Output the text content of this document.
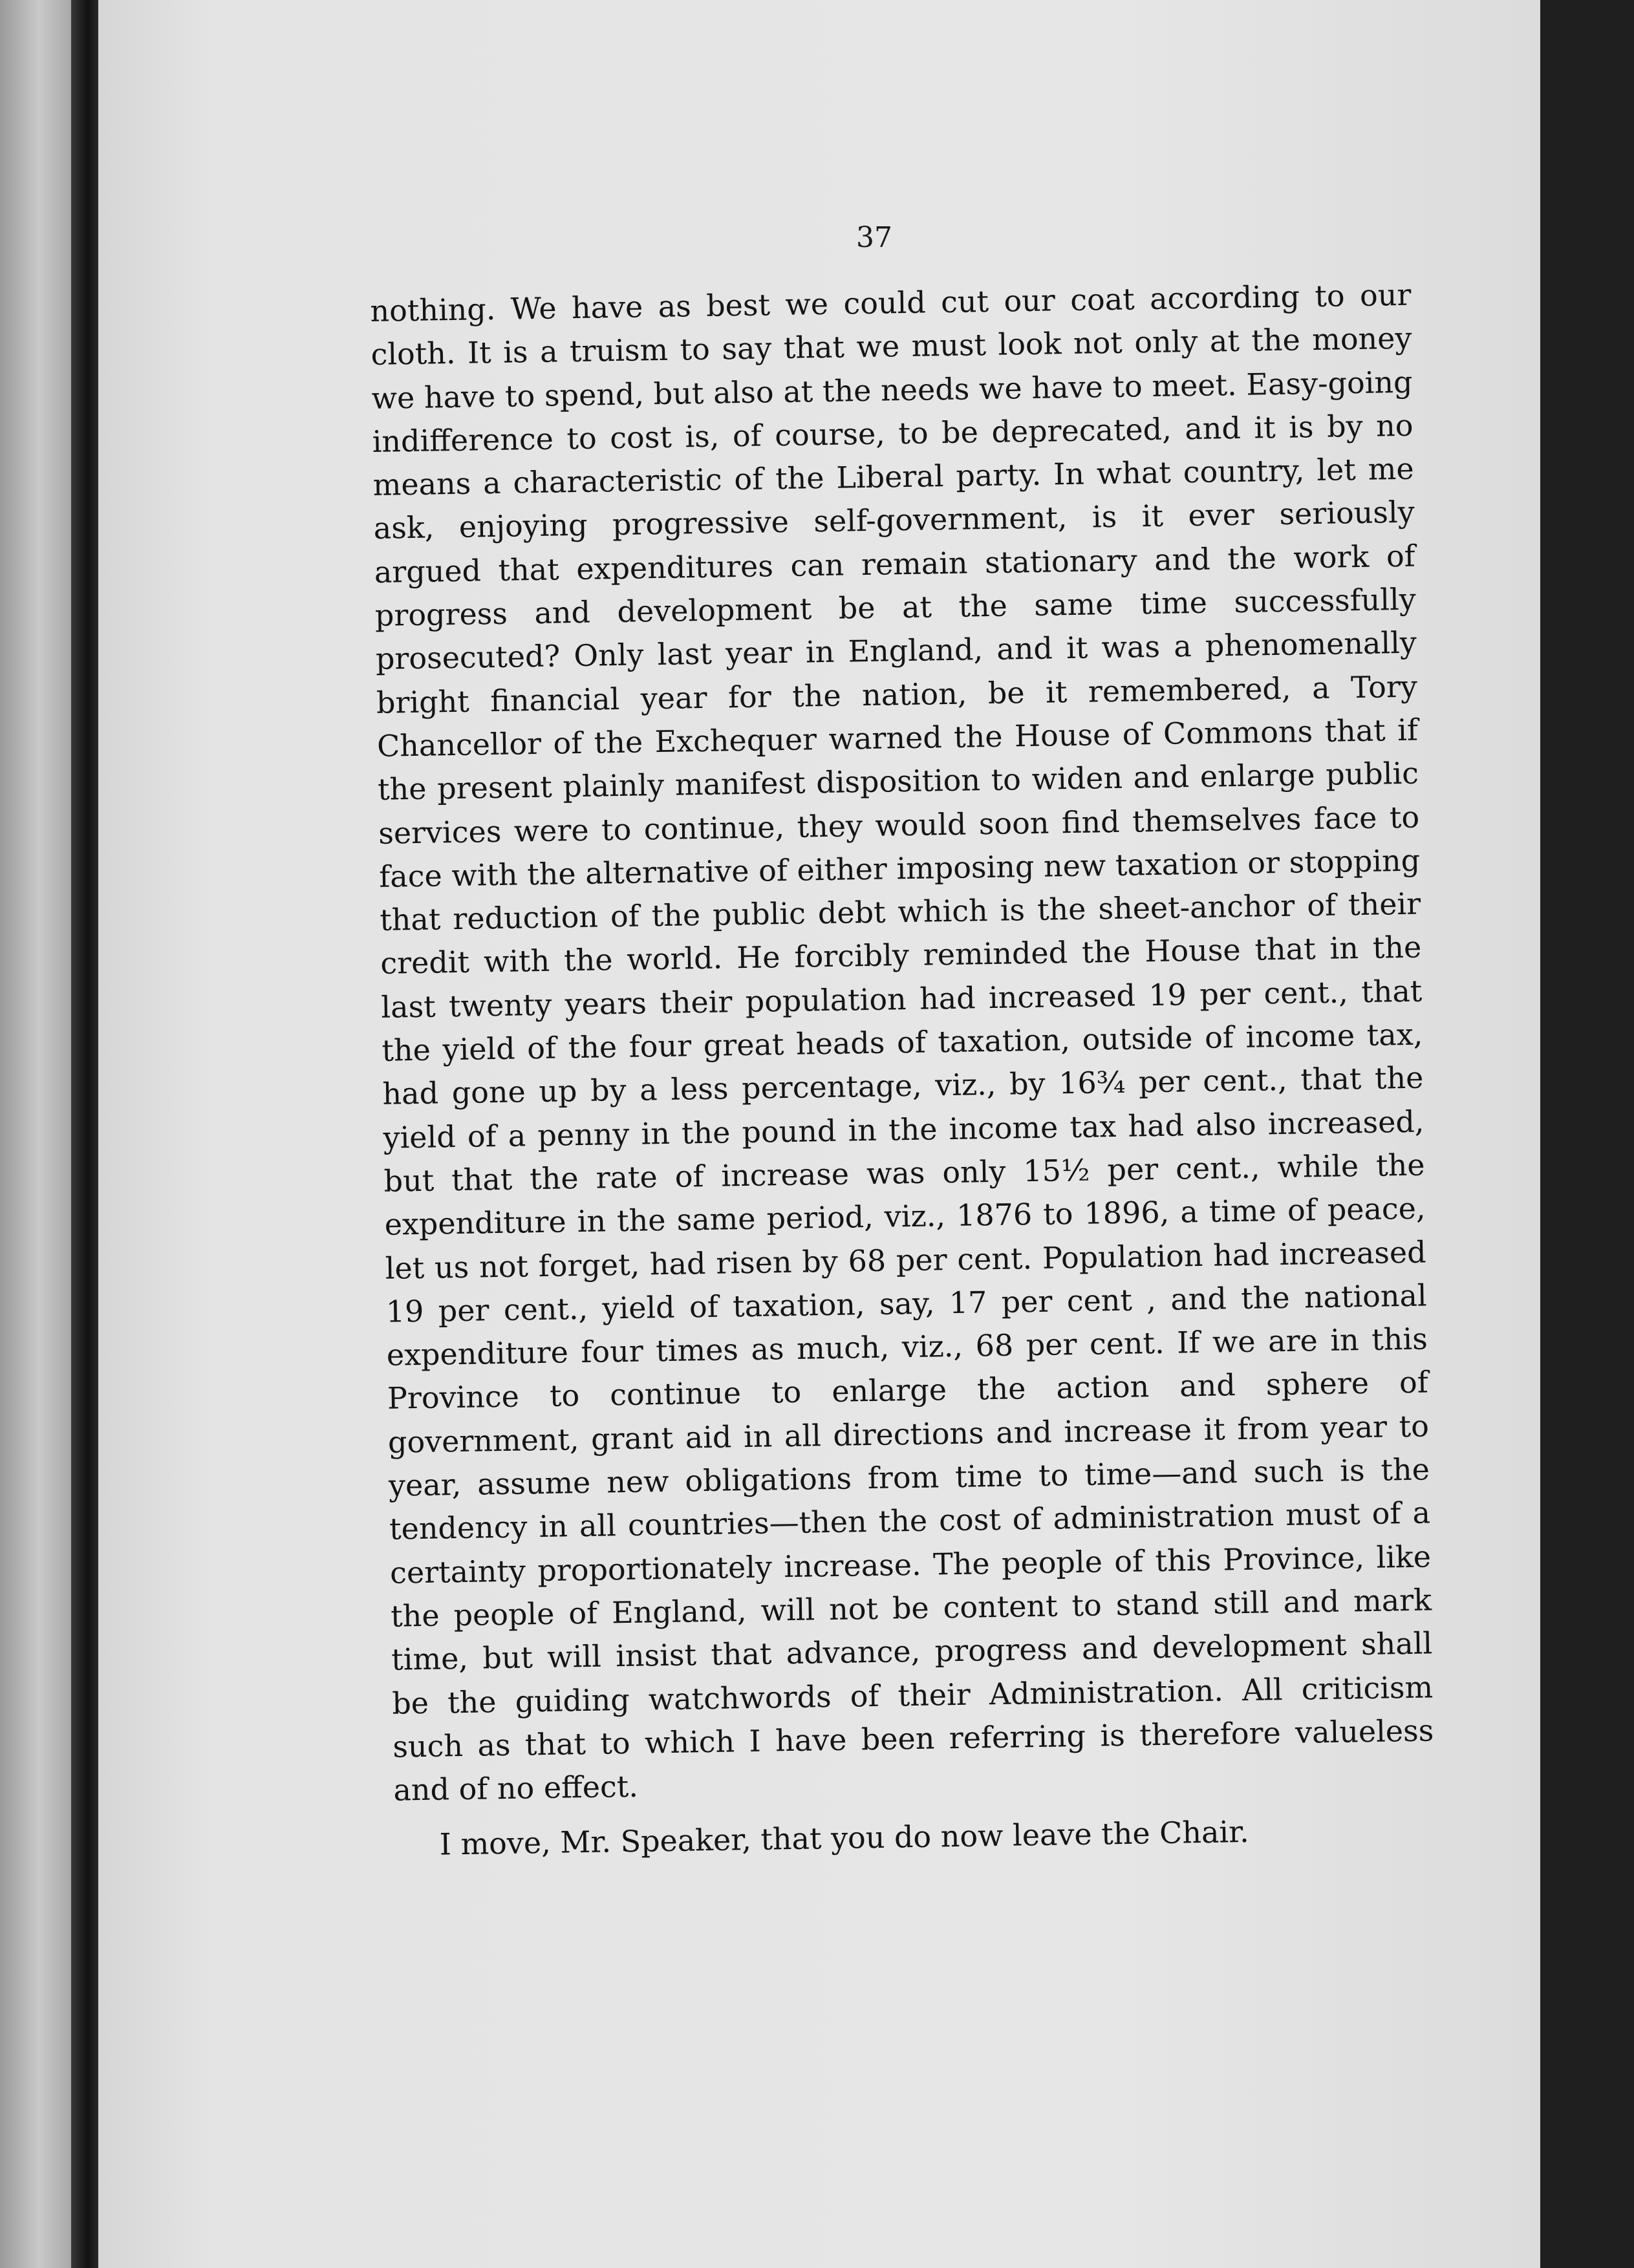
37

nothing. We have as best we could cut our coat according to our cloth. It is a truism to say that we must look not only at the money we have to spend, but also at the needs we have to meet. Easy-going indifference to cost is, of course, to be deprecated, and it is by no means a characteristic of the Liberal party. In what country, let me ask, enjoying progressive self-government, is it ever seriously argued that expenditures can remain stationary and the work of progress and development be at the same time successfully prosecuted? Only last year in England, and it was a phenomenally bright financial year for the nation, be it remembered, a Tory Chancellor of the Exchequer warned the House of Commons that if the present plainly manifest disposition to widen and enlarge public services were to continue, they would soon find themselves face to face with the alternative of either imposing new taxation or stopping that reduction of the public debt which is the sheet-anchor of their credit with the world. He forcibly reminded the House that in the last twenty years their population had increased 19 per cent., that the yield of the four great heads of taxation, outside of income tax, had gone up by a less percentage, viz., by 16¾ per cent., that the yield of a penny in the pound in the income tax had also increased, but that the rate of increase was only 15½ per cent., while the expenditure in the same period, viz., 1876 to 1896, a time of peace, let us not forget, had risen by 68 per cent. Population had increased 19 per cent., yield of taxation, say, 17 per cent , and the national expenditure four times as much, viz., 68 per cent. If we are in this Province to continue to enlarge the action and sphere of government, grant aid in all directions and increase it from year to year, assume new obligations from time to time—and such is the tendency in all countries—then the cost of administration must of a certainty proportionately increase. The people of this Province, like the people of England, will not be content to stand still and mark time, but will insist that advance, progress and development shall be the guiding watchwords of their Administration. All criticism such as that to which I have been referring is therefore valueless and of no effect.

I move, Mr. Speaker, that you do now leave the Chair.
